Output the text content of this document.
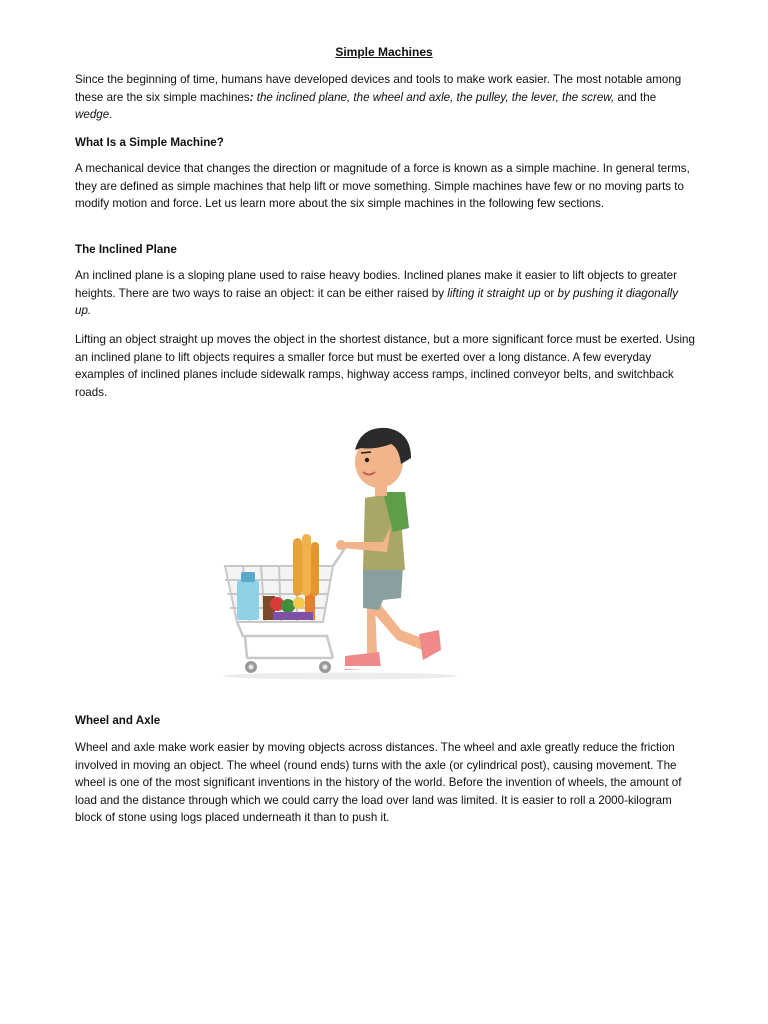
Simple Machines

Since the beginning of time, humans have developed devices and tools to make work easier. The most notable among these are the six simple machines: the inclined plane, the wheel and axle, the pulley, the lever, the screw, and the wedge.

What Is a Simple Machine?

A mechanical device that changes the direction or magnitude of a force is known as a simple machine. In general terms, they are defined as simple machines that help lift or move something. Simple machines have few or no moving parts to modify motion and force. Let us learn more about the six simple machines in the following few sections.

The Inclined Plane

An inclined plane is a sloping plane used to raise heavy bodies. Inclined planes make it easier to lift objects to greater heights. There are two ways to raise an object: it can be either raised by lifting it straight up or by pushing it diagonally up.

Lifting an object straight up moves the object in the shortest distance, but a more significant force must be exerted. Using an inclined plane to lift objects requires a smaller force but must be exerted over a long distance. A few everyday examples of inclined planes include sidewalk ramps, highway access ramps, inclined conveyor belts, and switchback roads.

Wheel and Axle

Wheel and axle make work easier by moving objects across distances. The wheel and axle greatly reduce the friction involved in moving an object. The wheel (round ends) turns with the axle (or cylindrical post), causing movement. The wheel is one of the most significant inventions in the history of the world. Before the invention of wheels, the amount of load and the distance through which we could carry the load over land was limited. It is easier to roll a 2000-kilogram block of stone using logs placed underneath it than to push it.
